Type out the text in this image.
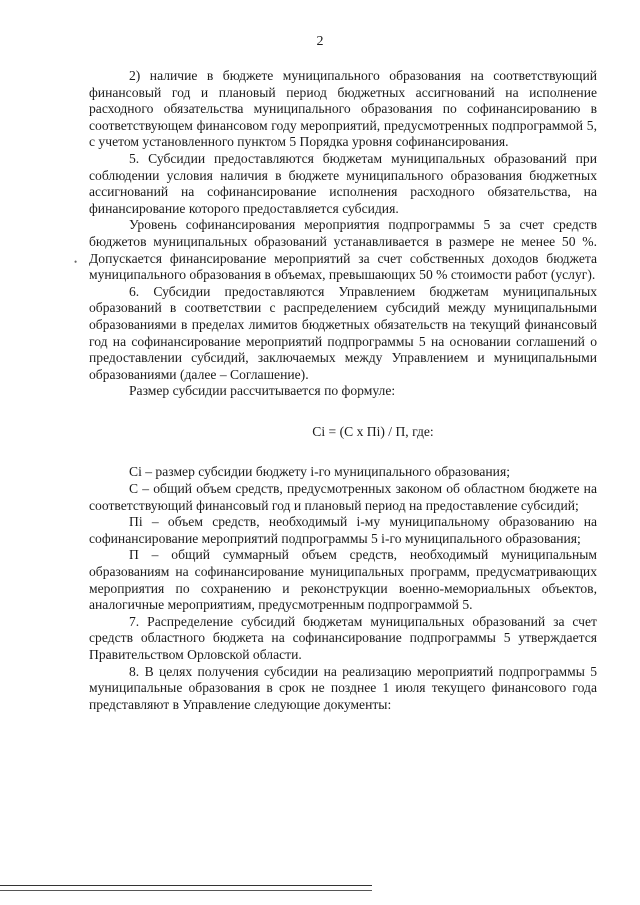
2
•

2) наличие в бюджете муниципального образования на соответствующий финансовый год и плановый период бюджетных ассигнований на исполнение расходного обязательства муниципального образования по софинансированию в соответствующем финансовом году мероприятий, предусмотренных подпрограммой 5, с учетом установленного пунктом 5 Порядка уровня софинансирования.

5. Субсидии предоставляются бюджетам муниципальных образований при соблюдении условия наличия в бюджете муниципального образования бюджетных ассигнований на софинансирование исполнения расходного обязательства, на финансирование которого предоставляется субсидия.

Уровень софинансирования мероприятия подпрограммы 5 за счет средств бюджетов муниципальных образований устанавливается в размере не менее 50 %. Допускается финансирование мероприятий за счет собственных доходов бюджета муниципального образования в объемах, превышающих 50 % стоимости работ (услуг).

6. Субсидии предоставляются Управлением бюджетам муниципальных образований в соответствии с распределением субсидий между муниципальными образованиями в пределах лимитов бюджетных обязательств на текущий финансовый год на софинансирование мероприятий подпрограммы 5 на основании соглашений о предоставлении субсидий, заключаемых между Управлением и муниципальными образованиями (далее – Соглашение).

Размер субсидии рассчитывается по формуле:

Ci = (C x Пi) / П, где:

Ci – размер субсидии бюджету i-го муниципального образования;

С – общий объем средств, предусмотренных законом об областном бюджете на соответствующий финансовый год и плановый период на предоставление субсидий;

Пi – объем средств, необходимый i-му муниципальному образованию на софинансирование мероприятий подпрограммы 5 i-го муниципального образования;

П – общий суммарный объем средств, необходимый муниципальным образованиям на софинансирование муниципальных программ, предусматривающих мероприятия по сохранению и реконструкции военно-мемориальных объектов, аналогичные мероприятиям, предусмотренным подпрограммой 5.

7. Распределение субсидий бюджетам муниципальных образований за счет средств областного бюджета на софинансирование подпрограммы 5 утверждается Правительством Орловской области.

8. В целях получения субсидии на реализацию мероприятий подпрограммы 5 муниципальные образования в срок не позднее 1 июля текущего финансового года представляют в Управление следующие документы:
